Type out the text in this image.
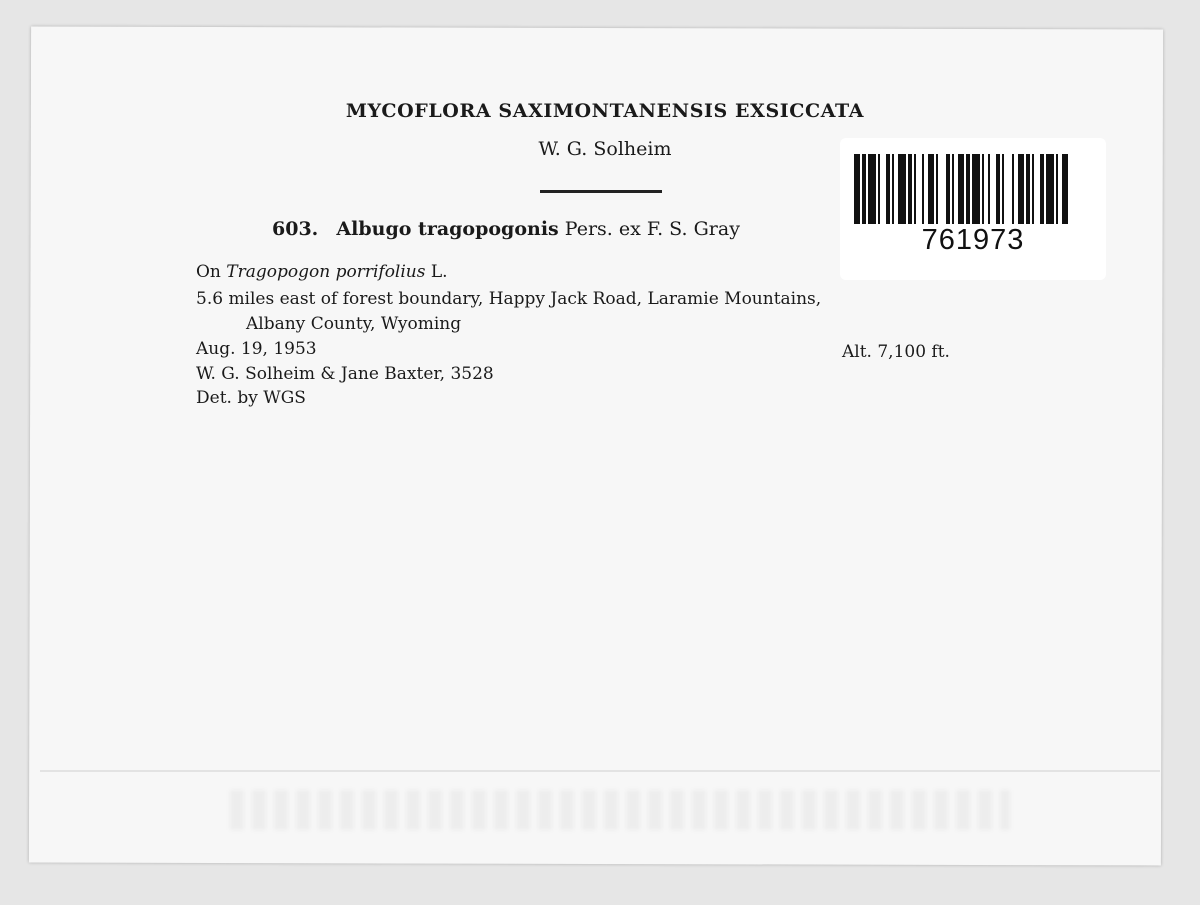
MYCOFLORA SAXIMONTANENSIS EXSICCATA
W. G. Solheim
603. Albugo tragopogonis Pers. ex F. S. Gray
On Tragopogon porrifolius L.
5.6 miles east of forest boundary, Happy Jack Road, Laramie Mountains,
Albany County, Wyoming
Aug. 19, 1953	Alt. 7,100 ft.
W. G. Solheim & Jane Baxter, 3528
Det. by WGS
761973
